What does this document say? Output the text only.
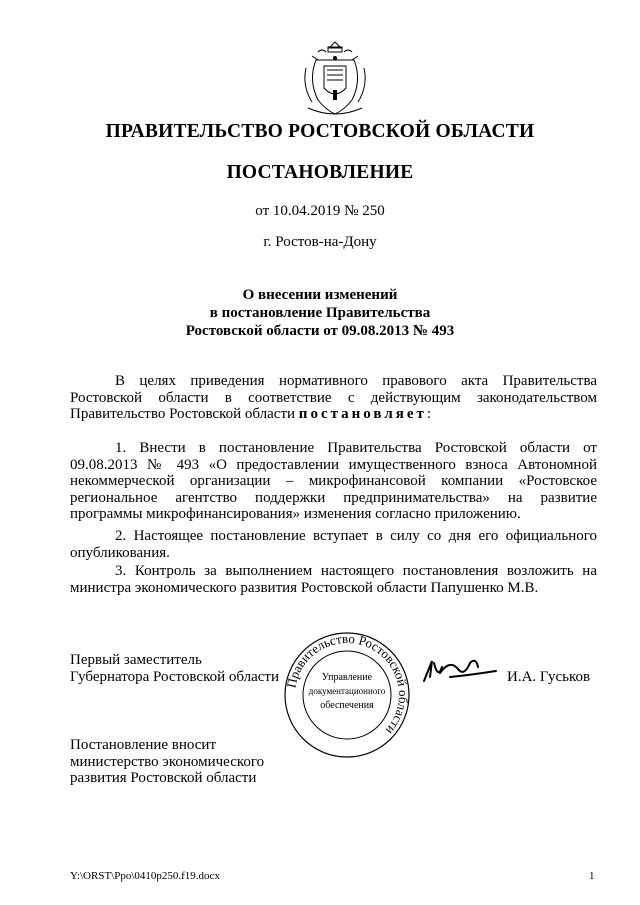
ПРАВИТЕЛЬСТВО РОСТОВСКОЙ ОБЛАСТИ
ПОСТАНОВЛЕНИЕ
от 10.04.2019 № 250
г. Ростов-на-Дону
О внесении изменений
в постановление Правительства
Ростовской области от 09.08.2013 № 493
В целях приведения нормативного правового акта Правительства Ростовской области в соответствие с действующим законодательством Правительство Ростовской области постановляет:
1. Внести в постановление Правительства Ростовской области от 09.08.2013 № 493 «О предоставлении имущественного взноса Автономной некоммерческой организации – микрофинансовой компании «Ростовское региональное агентство поддержки предпринимательства» на развитие программы микрофинансирования» изменения согласно приложению.
2. Настоящее постановление вступает в силу со дня его официального опубликования.
3. Контроль за выполнением настоящего постановления возложить на министра экономического развития Ростовской области Папушенко М.В.
Первый заместитель
Губернатора Ростовской области	И.А. Гуськов
Правительство Ростовской области
Управление
документационного
обеспечения
Постановление вносит
министерство экономического
развития Ростовской области
Y:\ORST\Ppo\0410p250.f19.docx	1
